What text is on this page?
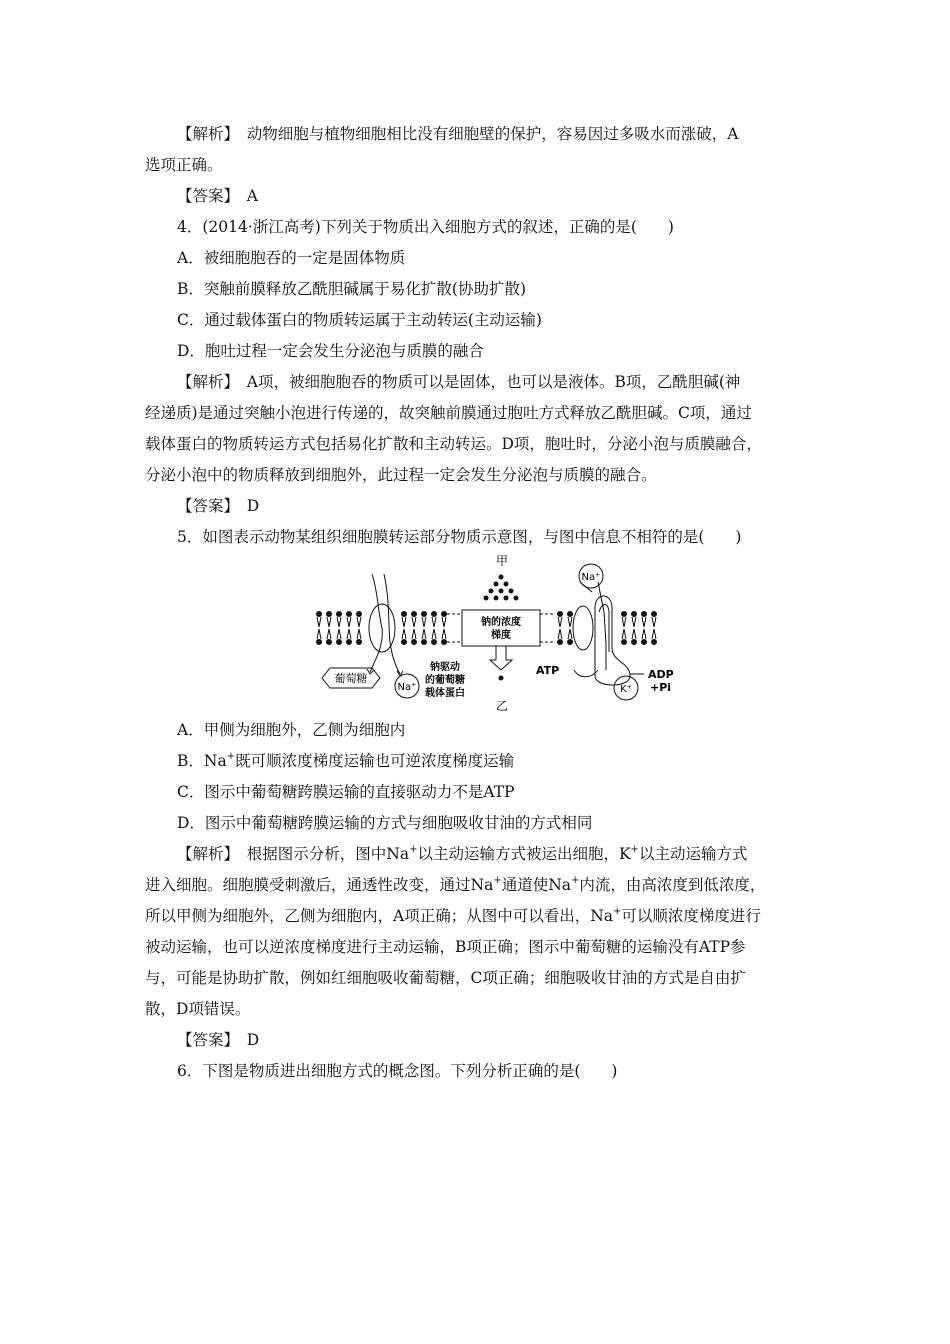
【解析】　动物细胞与植物细胞相比没有细胞壁的保护，容易因过多吸水而涨破，A
选项正确。
【答案】　A
4．(2014·浙江高考)下列关于物质出入细胞方式的叙述，正确的是(　　)
A．被细胞胞吞的一定是固体物质
B．突触前膜释放乙酰胆碱属于易化扩散(协助扩散)
C．通过载体蛋白的物质转运属于主动转运(主动运输)
D．胞吐过程一定会发生分泌泡与质膜的融合
【解析】　A项，被细胞胞吞的物质可以是固体，也可以是液体。B项，乙酰胆碱(神
经递质)是通过突触小泡进行传递的，故突触前膜通过胞吐方式释放乙酰胆碱。C项，通过
载体蛋白的物质转运方式包括易化扩散和主动转运。D项，胞吐时，分泌小泡与质膜融合，
分泌小泡中的物质释放到细胞外，此过程一定会发生分泌泡与质膜的融合。
【答案】　D
5．如图表示动物某组织细胞膜转运部分物质示意图，与图中信息不相符的是(　　)
Na⁺
葡萄糖
Na⁺	K⁺
甲
乙
钠的浓度
梯度
钠驱动
的葡萄糖
载体蛋白
ATP	ADP
+Pi
A．甲侧为细胞外，乙侧为细胞内
B．Na+既可顺浓度梯度运输也可逆浓度梯度运输
C．图示中葡萄糖跨膜运输的直接驱动力不是ATP
D．图示中葡萄糖跨膜运输的方式与细胞吸收甘油的方式相同
【解析】　根据图示分析，图中Na+以主动运输方式被运出细胞，K+以主动运输方式
进入细胞。细胞膜受刺激后，通透性改变，通过Na+通道使Na+内流，由高浓度到低浓度，
所以甲侧为细胞外，乙侧为细胞内，A项正确；从图中可以看出，Na+可以顺浓度梯度进行
被动运输，也可以逆浓度梯度进行主动运输，B项正确；图示中葡萄糖的运输没有ATP参
与，可能是协助扩散，例如红细胞吸收葡萄糖，C项正确；细胞吸收甘油的方式是自由扩
散，D项错误。
【答案】　D
6．下图是物质进出细胞方式的概念图。下列分析正确的是(　　)
